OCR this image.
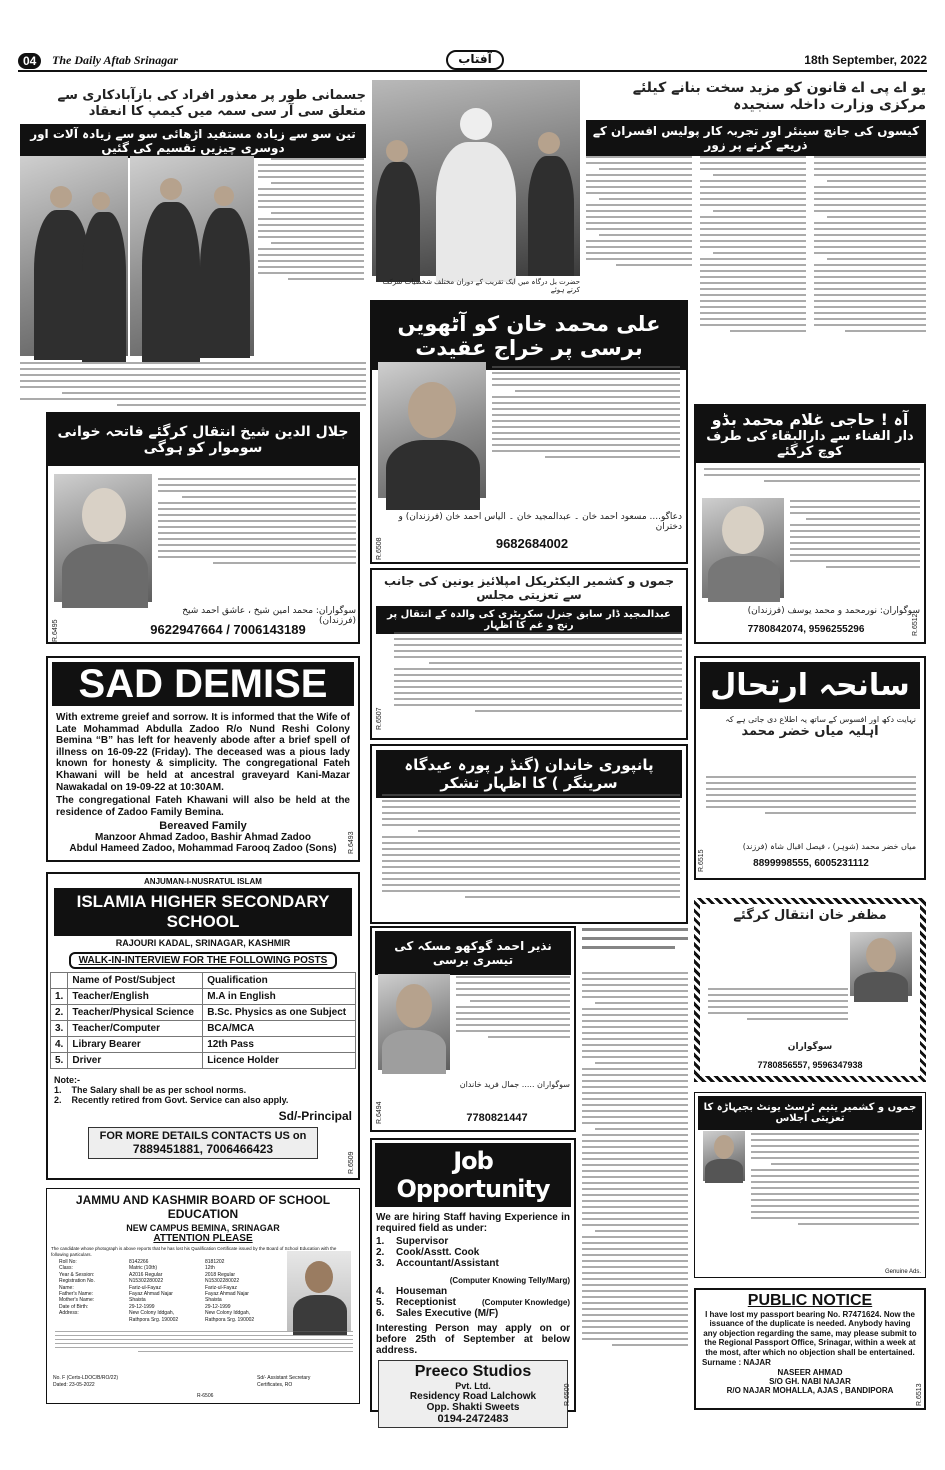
04	The Daily Aftab Srinagar	آفتاب	18th September, 2022
جسمانی طور پر معذور افراد کی بازآبادکاری سے متعلق سی آر سی سمہ میں کیمپ کا انعقاد
تین سو سے زیادہ مستفید اڑھائی سو سے زیادہ آلات اور دوسری چیزیں تقسیم کی گئیں
حضرت بل درگاہ میں ایک تقریب کے دوران مختلف شخصیات شرکت کرتے ہوئے
یو اے پی اے قانون کو مزید سخت بنانے کیلئے مرکزی وزارت داخلہ سنجیدہ
کیسوں کی جانچ سینئر اور تجربہ کار پولیس افسران کے ذریعے کرنے پر زور
علی محمد خان کو آٹھویں برسی پر خراج عقیدت
دعاگو.... مسعود احمد خان ۔ عبدالمجید خان ۔ الیاس احمد خان (فرزندان) و دختران
9682684002
R.6508
جلال الدین شیخ انتقال کرگئے فاتحہ خوانی سوموار کو ہوگی
سوگواران: محمد امین شیخ ، عاشق احمد شیخ (فرزندان)
9622947664 / 7006143189
R.6495
آہ ! حاجی غلام محمد بڈو
دار الفناء سے دارالبقاء کی طرف کوچ کرگئے
سوگواران: نورمحمد و محمد یوسف (فرزندان)
7780842074, 9596255296	R.6512
جموں و کشمیر الیکٹریکل امپلائیز یونین کی جانب سے تعزیتی مجلس
عبدالمجید ڈار سابق جنرل سکریٹری کی والدہ کے انتقال پر رنج و غم کا اظہار
R.6507
SAD DEMISE
With extreme greief and sorrow. It is informed that the Wife of Late Mohammad Abdulla Zadoo R/o Nund Reshi Colony Bemina “B” has left for heavenly abode after a brief spell of illness on 16-09-22 (Friday). The deceased was a pious lady known for honesty & simplicity. The congregational Fateh Khawani will be held at ancestral graveyard Kani-Mazar Nawakadal on 19-09-22 at 10:30AM.
The congregational Fateh Khawani will also be held at the residence of Zadoo Family Bemina.
Bereaved Family
Manzoor Ahmad Zadoo, Bashir Ahmad Zadoo
Abdul Hameed Zadoo, Mohammad Farooq Zadoo (Sons)	R.6493
سانحہ ارتحال
نہایت دکھ اور افسوس کے ساتھ یہ اطلاع دی جاتی ہے کہ
اہلیہ میاں خضر محمد
میاں خضر محمد (شوہر) ، فیصل اقبال شاہ (فرزند)
8899998555, 6005231112
R.6515
پانپوری خاندان (گنڈ ر پورہ عیدگاہ سرینگر ) کا اظہار تشکر
ANJUMAN-I-NUSRATUL ISLAM
ISLAMIA HIGHER SECONDARY SCHOOL
RAJOURI KADAL, SRINAGAR, KASHMIR
WALK-IN-INTERVIEW FOR THE FOLLOWING POSTS
	Name of Post/Subject	Qualification
1.	Teacher/English	M.A in English
2.	Teacher/Physical Science	B.Sc. Physics as one Subject
3.	Teacher/Computer	BCA/MCA
4.	Library Bearer	12th Pass
5.	Driver	Licence Holder
Note:-
1. The Salary shall be as per school norms.
2. Recently retired from Govt. Service can also apply.
Sd/-Principal
FOR MORE DETAILS CONTACTS US on
7889451881, 7006466423
R.6509
نذیر احمد گوکھو مسکہ کی تیسری برسی
سوگواران ..... جمال فرید خاندان
7780821447
R.6494
مظفر خان انتقال کرگئے
سوگواران
7780856557, 9596347938
جموں و کشمیر یتیم ٹرسٹ یونٹ بجبہاڑہ کا تعزیتی اجلاس
Genuine Ads.
Job Opportunity
We are hiring Staff having Experience in required field as under:
1.	Supervisor
2.	Cook/Asstt. Cook
3.	Accountant/Assistant
(Computer Knowing Telly/Marg)
4.	Houseman
5.	Receptionist	(Computer Knowledge)
6.	Sales Executive (M/F)
Interesting Person may apply on or before 25th of September at below address.
Preeco Studios
Pvt. Ltd.
Residency Road Lalchowk
Opp. Shakti Sweets
0194-2472483
R.6500
JAMMU AND KASHMIR BOARD OF SCHOOL EDUCATION
NEW CAMPUS BEMINA, SRINAGAR
ATTENTION PLEASE
The candidate whose photograph is above reports that he has lost his Qualification Certificate issued by the Board of School Education with the following particulars.
Roll No:	8142266	8181202
Class:	Matric (10th)	12th
Year & Session:	A2016 Regular	2018 Regular
Registration No.	N15302280022	N15302280022
Name:	Fariz-ul-Fayaz	Fariz-ul-Fayaz
Father's Name:	Fayaz Ahmad Najar	Fayaz Ahmad Najar
Mother's Name:	Shaista	Shaista
Date of Birth:	29-12-1999	29-12-1999
Address:	New Colony Iddgah,	New Colony Iddgah,
Rathpora Srg. 190002	Rathpora Srg. 190002
No. F (Certs-LDOC/B/RO/22)
Dated: 23-05-2022
Sd/- Assistant Secretary
Certificates, RO
R-6506
PUBLIC NOTICE
I have lost my passport bearing No. R7471624. Now the issuance of the duplicate is needed. Anybody having any objection regarding the same, may please submit to the Regional Passport Office, Srinagar, within a week at the most, after which no objection shall be entertained.
Surname : NAJAR
NASEER AHMAD
S/O GH. NABI NAJAR
R/O NAJAR MOHALLA, AJAS , BANDIPORA	R.6513
